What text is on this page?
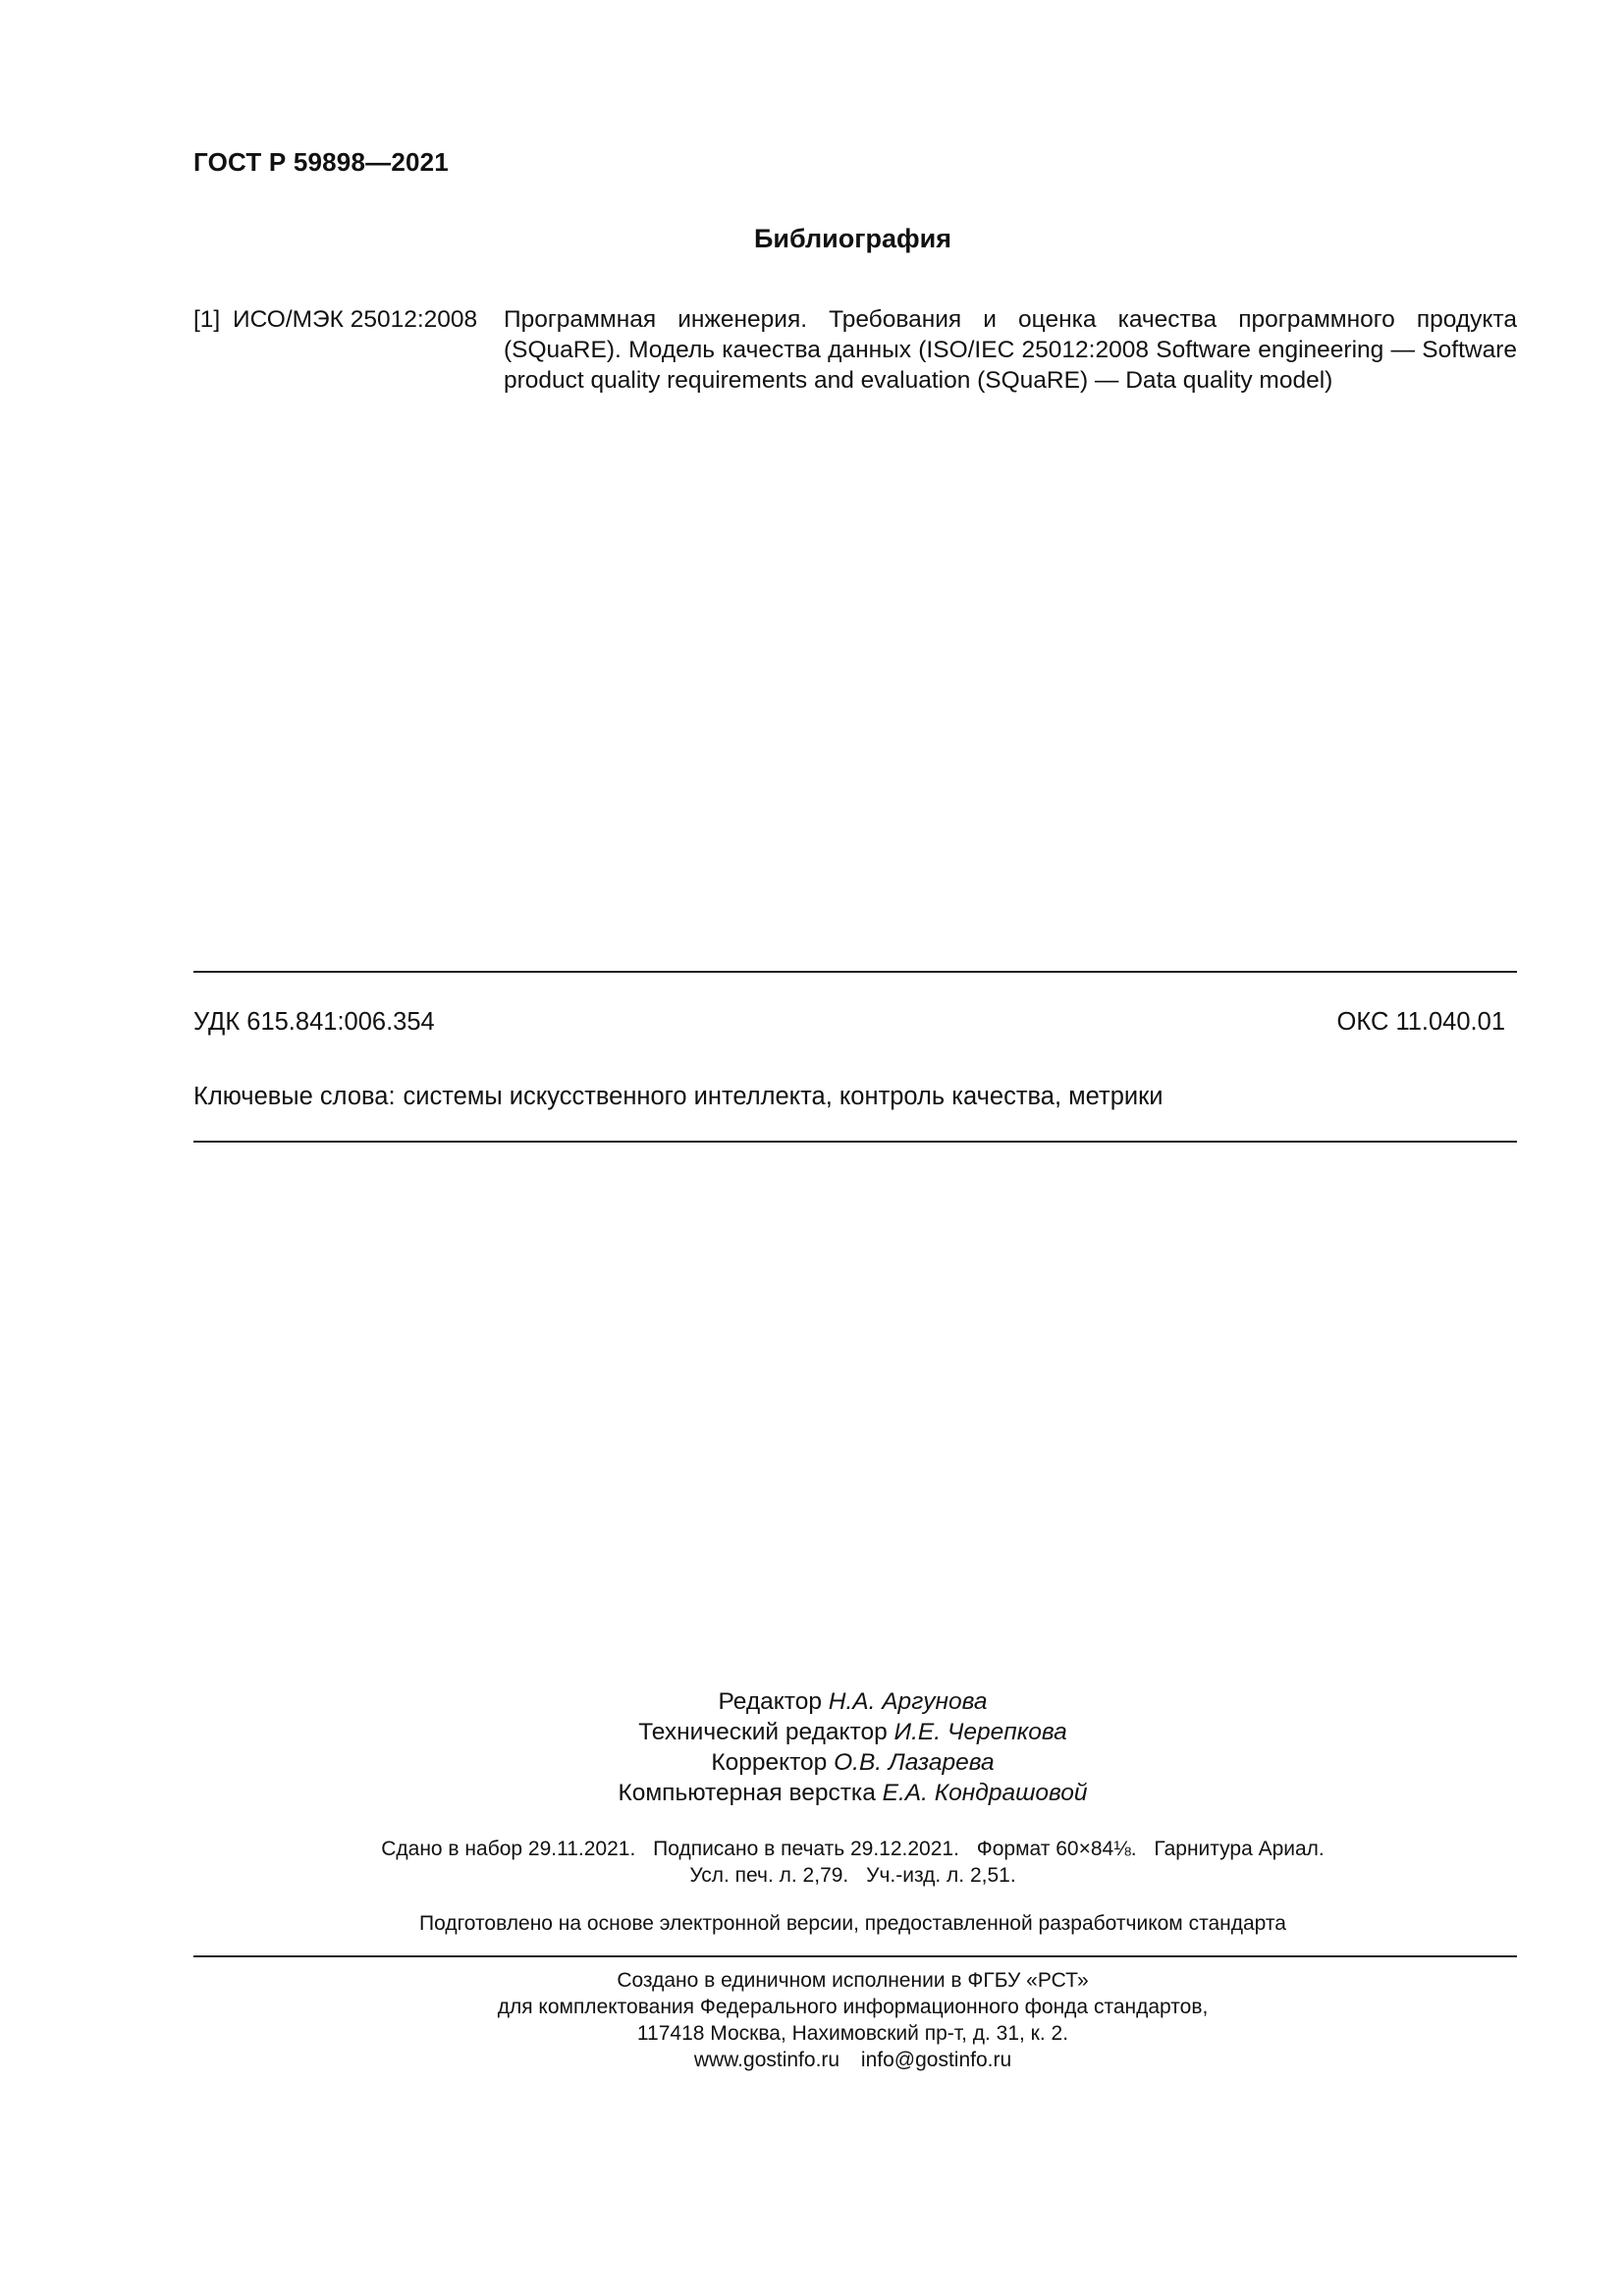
ГОСТ Р 59898—2021
Библиография
[1] ИСО/МЭК 25012:2008	Программная инженерия. Требования и оценка качества программного продукта (SQuaRE). Модель качества данных (ISO/IEC 25012:2008 Software engineering — Software product quality requirements and evaluation (SQuaRE) — Data quality model)
УДК 615.841:006.354	ОКС 11.040.01
Ключевые слова: системы искусственного интеллекта, контроль качества, метрики
Редактор Н.А. Аргунова
Технический редактор И.Е. Черепкова
Корректор О.В. Лазарева
Компьютерная верстка Е.А. Кондрашовой
Сдано в набор 29.11.2021. Подписано в печать 29.12.2021. Формат 60×84⅛. Гарнитура Ариал.
Усл. печ. л. 2,79. Уч.-изд. л. 2,51.
Подготовлено на основе электронной версии, предоставленной разработчиком стандарта
Создано в единичном исполнении в ФГБУ «РСТ»
для комплектования Федерального информационного фонда стандартов,
117418 Москва, Нахимовский пр-т, д. 31, к. 2.
www.gostinfo.ru info@gostinfo.ru
